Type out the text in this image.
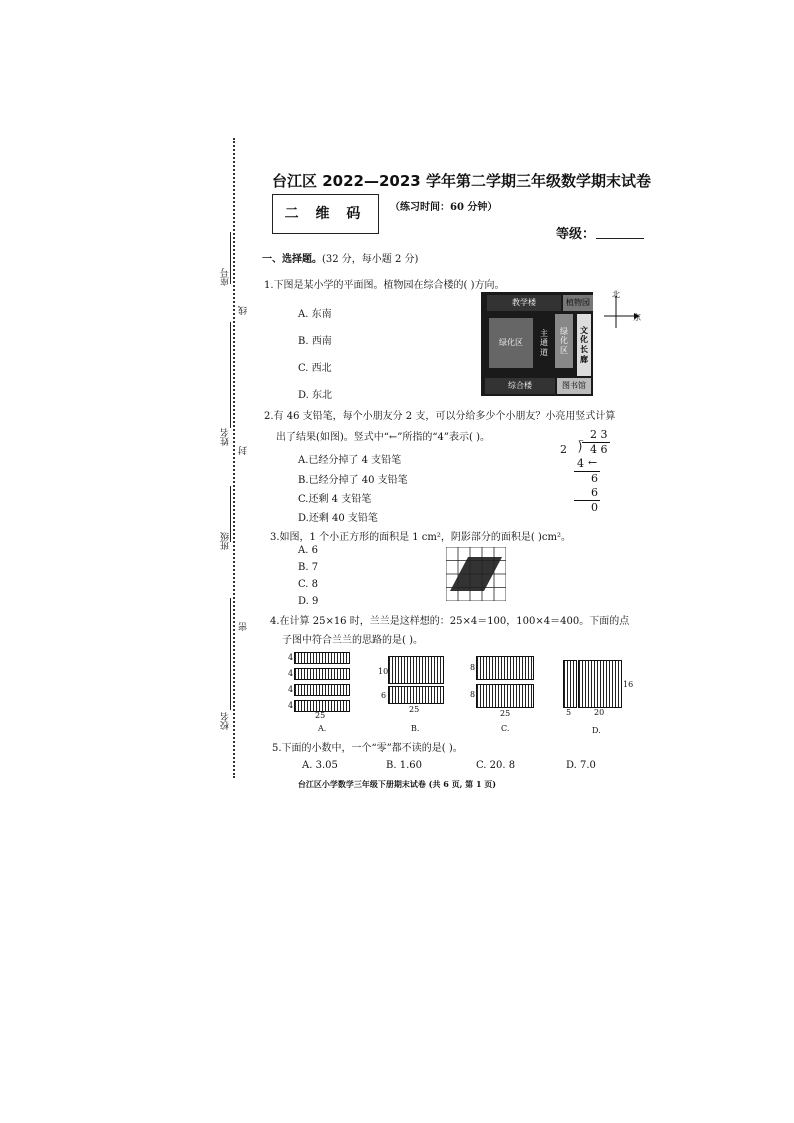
座号
线
姓名
封
班级
密
校名
台江区 2022—2023 学年第二学期三年级数学期末试卷
二 维 码	（练习时间：60 分钟）
等级：
一、选择题。(32 分，每小题 2 分)
1.下图是某小学的平面图。植物园在综合楼的( )方向。
A. 东南
B. 西南
C. 西北
D. 东北
教学楼	植物园
绿化区
主
通
道
绿
化
区
文
化
长
廊
综合楼	图书馆
北
东
2.有 46 支铅笔，每个小朋友分 2 支，可以分给多少个小朋友？小亮用竖式计算
出了结果(如图)。竖式中“←”所指的“4”表示( )。
A.已经分掉了 4 支铅笔
B.已经分掉了 40 支铅笔
C.还剩 4 支铅笔
D.还剩 40 支铅笔
2 3
2 ⟌ 4 6
4 ←
6
6
0
3.如图，1 个小正方形的面积是 1 cm²，阴影部分的面积是( )cm²。
A. 6
B. 7
C. 8
D. 9
4.在计算 25×16 时，兰兰是这样想的：25×4＝100，100×4＝400。下面的点
子图中符合兰兰的思路的是( )。
4
4
4
4
25
A.
10
6
25
B.
8
8
25
C.
16
5	20
D.
5.下面的小数中，一个“零”都不读的是( )。
A. 3.05	B. 1.60	C. 20. 8	D. 7.0
台江区小学数学三年级下册期末试卷 (共 6 页, 第 1 页)
